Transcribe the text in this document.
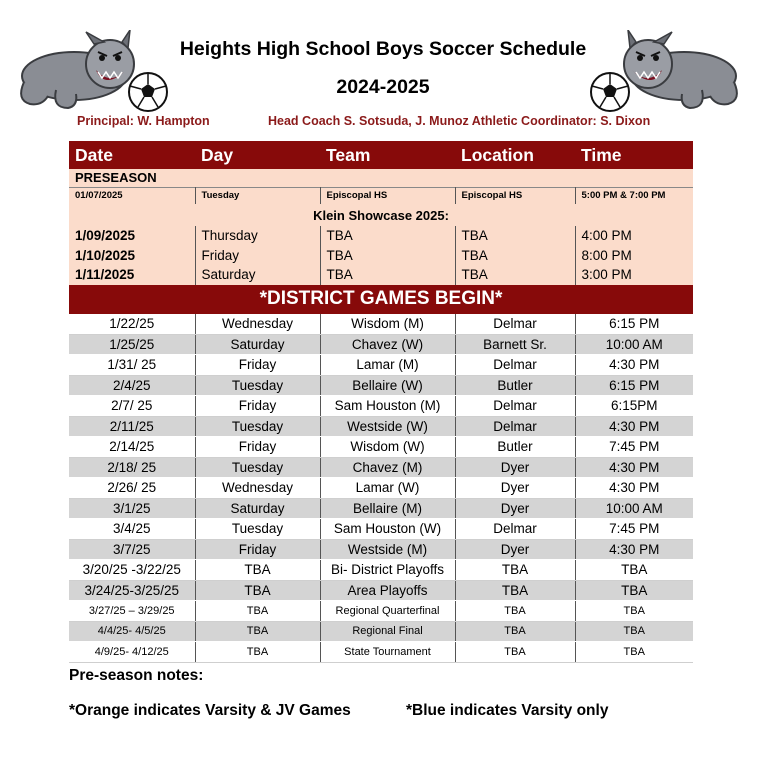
Heights High School Boys Soccer Schedule
2024-2025
Principal: W. Hampton	Head Coach S. Sotsuda, J. Munoz Athletic Coordinator: S. Dixon
Date	Day	Team	Location	Time
PRESEASON				
01/07/2025	Tuesday	Episcopal HS	Episcopal HS	5:00 PM & 7:00 PM
Klein Showcase 2025:				
1/09/2025	Thursday	TBA	TBA	4:00 PM
1/10/2025	Friday	TBA	TBA	8:00 PM
1/11/2025	Saturday	TBA	TBA	3:00 PM
*DISTRICT GAMES BEGIN*				
1/22/25	Wednesday	Wisdom (M)	Delmar	6:15 PM
1/25/25	Saturday	Chavez (W)	Barnett Sr.	10:00 AM
1/31/ 25	Friday	Lamar (M)	Delmar	4:30 PM
2/4/25	Tuesday	Bellaire (W)	Butler	6:15 PM
2/7/ 25	Friday	Sam Houston (M)	Delmar	6:15PM
2/11/25	Tuesday	Westside (W)	Delmar	4:30 PM
2/14/25	Friday	Wisdom (W)	Butler	7:45 PM
2/18/ 25	Tuesday	Chavez (M)	Dyer	4:30 PM
2/26/ 25	Wednesday	Lamar (W)	Dyer	4:30 PM
3/1/25	Saturday	Bellaire (M)	Dyer	10:00 AM
3/4/25	Tuesday	Sam Houston (W)	Delmar	7:45 PM
3/7/25	Friday	Westside (M)	Dyer	4:30 PM
3/20/25 -3/22/25	TBA	Bi- District Playoffs	TBA	TBA
3/24/25-3/25/25	TBA	Area Playoffs	TBA	TBA
3/27/25 – 3/29/25	TBA	Regional Quarterfinal	TBA	TBA
4/4/25- 4/5/25	TBA	Regional Final	TBA	TBA
4/9/25- 4/12/25	TBA	State Tournament	TBA	TBA
Pre-season notes:
*Orange indicates Varsity & JV Games	*Blue indicates Varsity only
